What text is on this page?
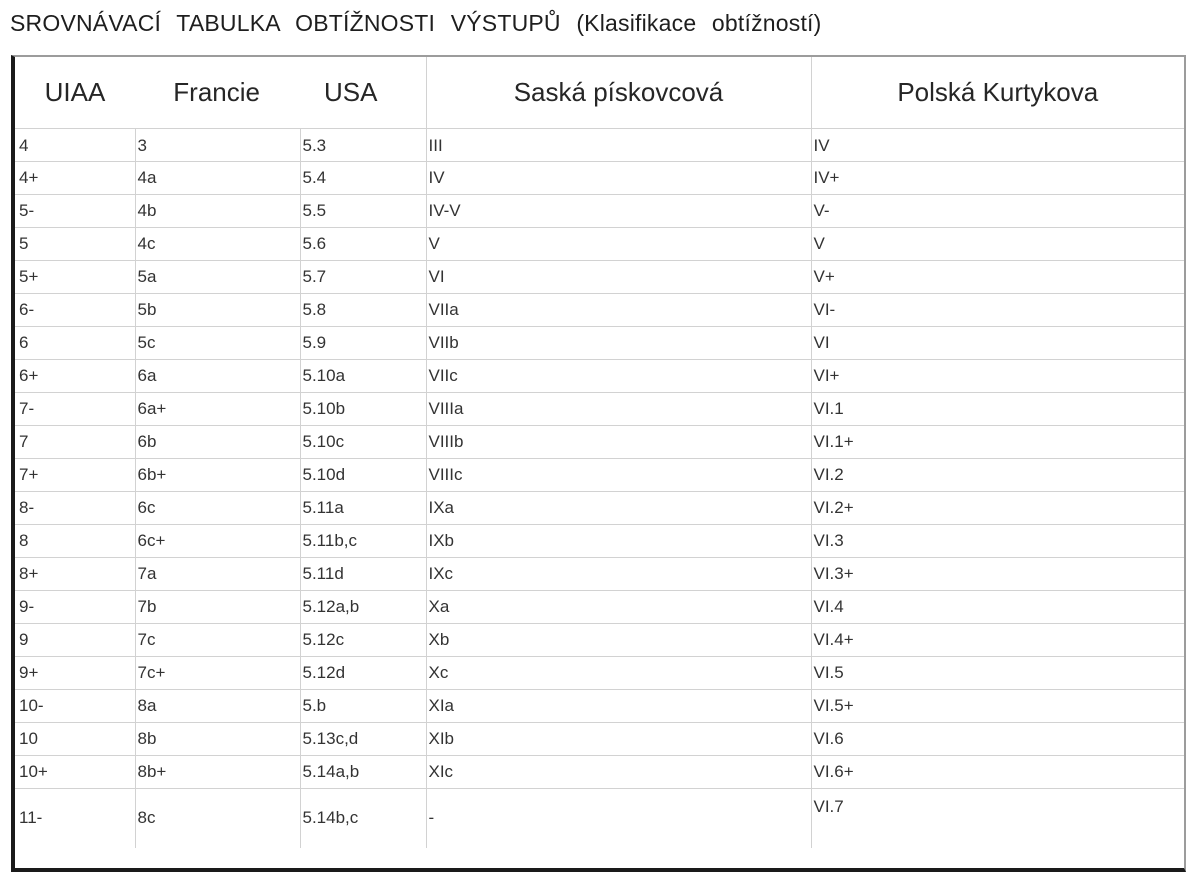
SROVNÁVACÍ TABULKA OBTÍŽNOSTI VÝSTUPŮ (Klasifikace obtížností)
UIAA	Francie	USA	Saská pískovcová	Polská Kurtykova
4	3	5.3	III	IV
4+	4a	5.4	IV	IV+
5-	4b	5.5	IV-V	V-
5	4c	5.6	V	V
5+	5a	5.7	VI	V+
6-	5b	5.8	VIIa	VI-
6	5c	5.9	VIIb	VI
6+	6a	5.10a	VIIc	VI+
7-	6a+	5.10b	VIIIa	VI.1
7	6b	5.10c	VIIIb	VI.1+
7+	6b+	5.10d	VIIIc	VI.2
8-	6c	5.11a	IXa	VI.2+
8	6c+	5.11b,c	IXb	VI.3
8+	7a	5.11d	IXc	VI.3+
9-	7b	5.12a,b	Xa	VI.4
9	7c	5.12c	Xb	VI.4+
9+	7c+	5.12d	Xc	VI.5
10-	8a	5.b	XIa	VI.5+
10	8b	5.13c,d	XIb	VI.6
10+	8b+	5.14a,b	XIc	VI.6+
11-	8c	5.14b,c	-	VI.7
